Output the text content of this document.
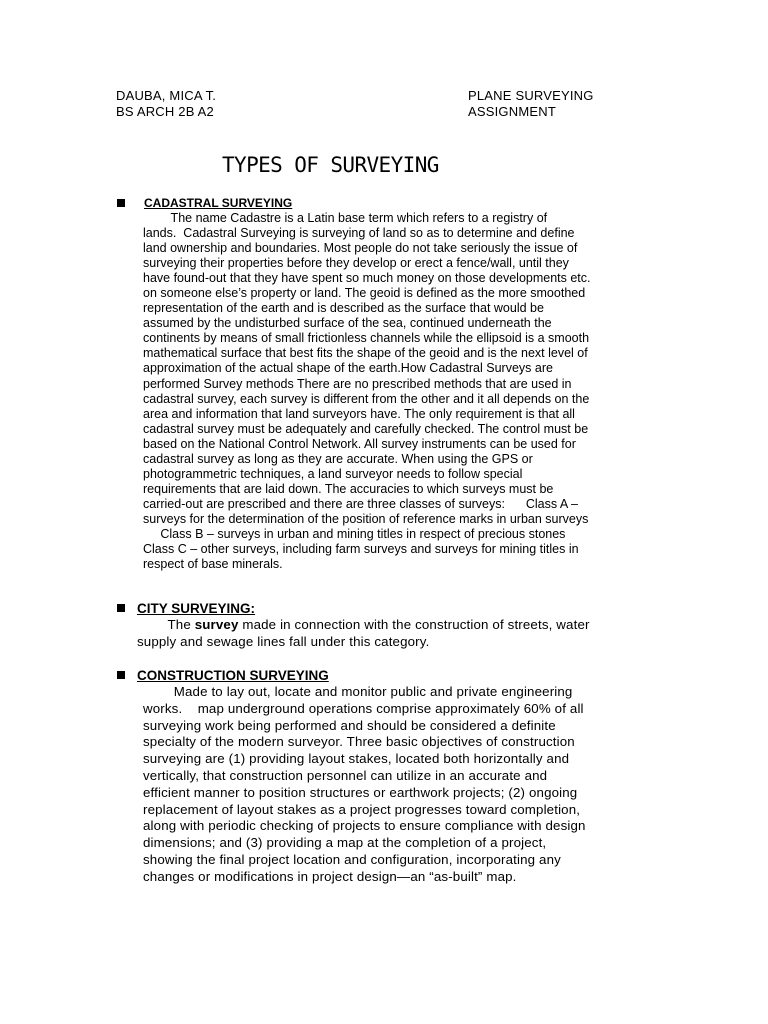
DAUBA, MICA T.
BS ARCH 2B A2
PLANE SURVEYING
ASSIGNMENT
TYPES OF SURVEYING
CADASTRAL SURVEYING

The name Cadastre is a Latin base term which refers to a registry of
lands.  Cadastral Surveying is surveying of land so as to determine and define
land ownership and boundaries. Most people do not take seriously the issue of
surveying their properties before they develop or erect a fence/wall, until they
have found-out that they have spent so much money on those developments etc.
on someone else’s property or land. The geoid is defined as the more smoothed
representation of the earth and is described as the surface that would be
assumed by the undisturbed surface of the sea, continued underneath the
continents by means of small frictionless channels while the ellipsoid is a smooth
mathematical surface that best fits the shape of the geoid and is the next level of
approximation of the actual shape of the earth.How Cadastral Surveys are
performed Survey methods There are no prescribed methods that are used in
cadastral survey, each survey is different from the other and it all depends on the
area and information that land surveyors have. The only requirement is that all
cadastral survey must be adequately and carefully checked. The control must be
based on the National Control Network. All survey instruments can be used for
cadastral survey as long as they are accurate. When using the GPS or
photogrammetric techniques, a land surveyor needs to follow special
requirements that are laid down. The accuracies to which surveys must be
carried-out are prescribed and there are three classes of surveys:      Class A –
surveys for the determination of the position of reference marks in urban surveys
Class B – surveys in urban and mining titles in respect of precious stones
Class C – other surveys, including farm surveys and surveys for mining titles in
respect of base minerals.

CITY SURVEYING:

The survey made in connection with the construction of streets, water
supply and sewage lines fall under this category.

CONSTRUCTION SURVEYING

Made to lay out, locate and monitor public and private engineering
works.    map underground operations comprise approximately 60% of all
surveying work being performed and should be considered a definite
specialty of the modern surveyor. Three basic objectives of construction
surveying are (1) providing layout stakes, located both horizontally and
vertically, that construction personnel can utilize in an accurate and
efficient manner to position structures or earthwork projects; (2) ongoing
replacement of layout stakes as a project progresses toward completion,
along with periodic checking of projects to ensure compliance with design
dimensions; and (3) providing a map at the completion of a project,
showing the final project location and configuration, incorporating any
changes or modifications in project design—an “as-built” map.
